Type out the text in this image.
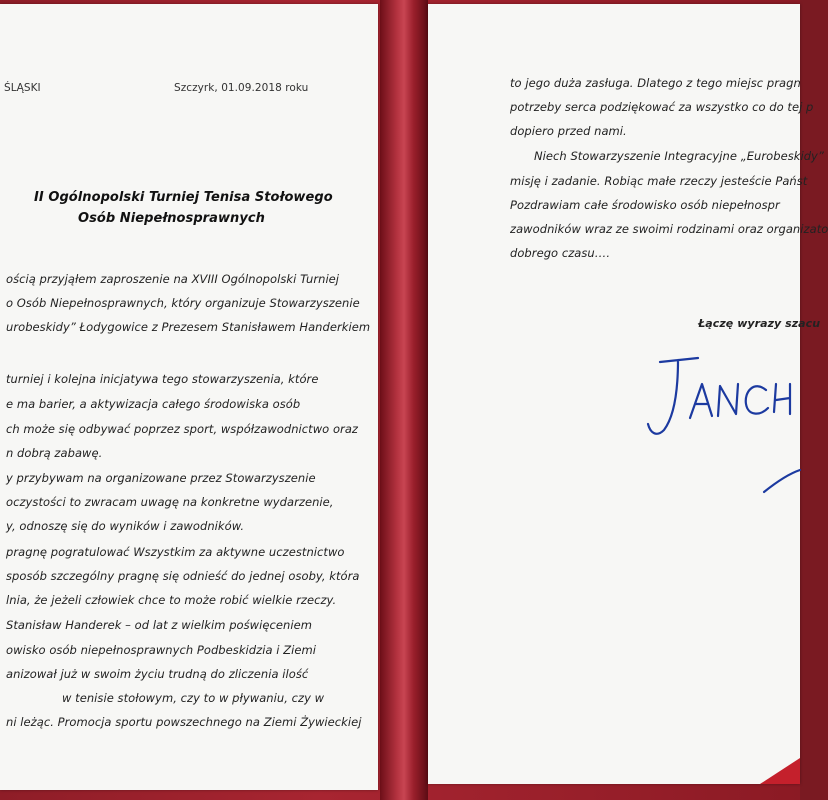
ŚLĄSKI	Szczyrk, 01.09.2018 roku
II Ogólnopolski Turniej Tenisa Stołowego
Osób Niepełnosprawnych
ością przyjąłem zaproszenie na XVIII Ogólnopolski Turniej
o Osób Niepełnosprawnych, który organizuje Stowarzyszenie
urobeskidy” Łodygowice z Prezesem Stanisławem Handerkiem
turniej i kolejna inicjatywa tego stowarzyszenia, które
e ma barier, a aktywizacja całego środowiska osób
ch może się odbywać poprzez sport, współzawodnictwo oraz
n dobrą zabawę.
y przybywam na organizowane przez Stowarzyszenie
oczystości to zwracam uwagę na konkretne wydarzenie,
y, odnoszę się do wyników i zawodników.
pragnę pogratulować Wszystkim za aktywne uczestnictwo
sposób szczególny pragnę się odnieść do jednej osoby, która
lnia, że jeżeli człowiek chce to może robić wielkie rzeczy.
Stanisław Handerek – od lat z wielkim poświęceniem
owisko osób niepełnosprawnych Podbeskidzia i Ziemi
anizował już w swoim życiu trudną do zliczenia ilość
w tenisie stołowym, czy to w pływaniu, czy w
ni leżąc. Promocja sportu powszechnego na Ziemi Żywieckiej
to jego duża zasługa. Dlatego z tego miejsc pragn
potrzeby serca podziękować za wszystko co do tej p
dopiero przed nami.
Niech Stowarzyszenie Integracyjne „Eurobeskidy”
misję i zadanie. Robiąc małe rzeczy jesteście Państ
Pozdrawiam całe środowisko osób niepełnospr
zawodników wraz ze swoimi rodzinami oraz organizato
dobrego czasu….
Łączę wyrazy szacu
